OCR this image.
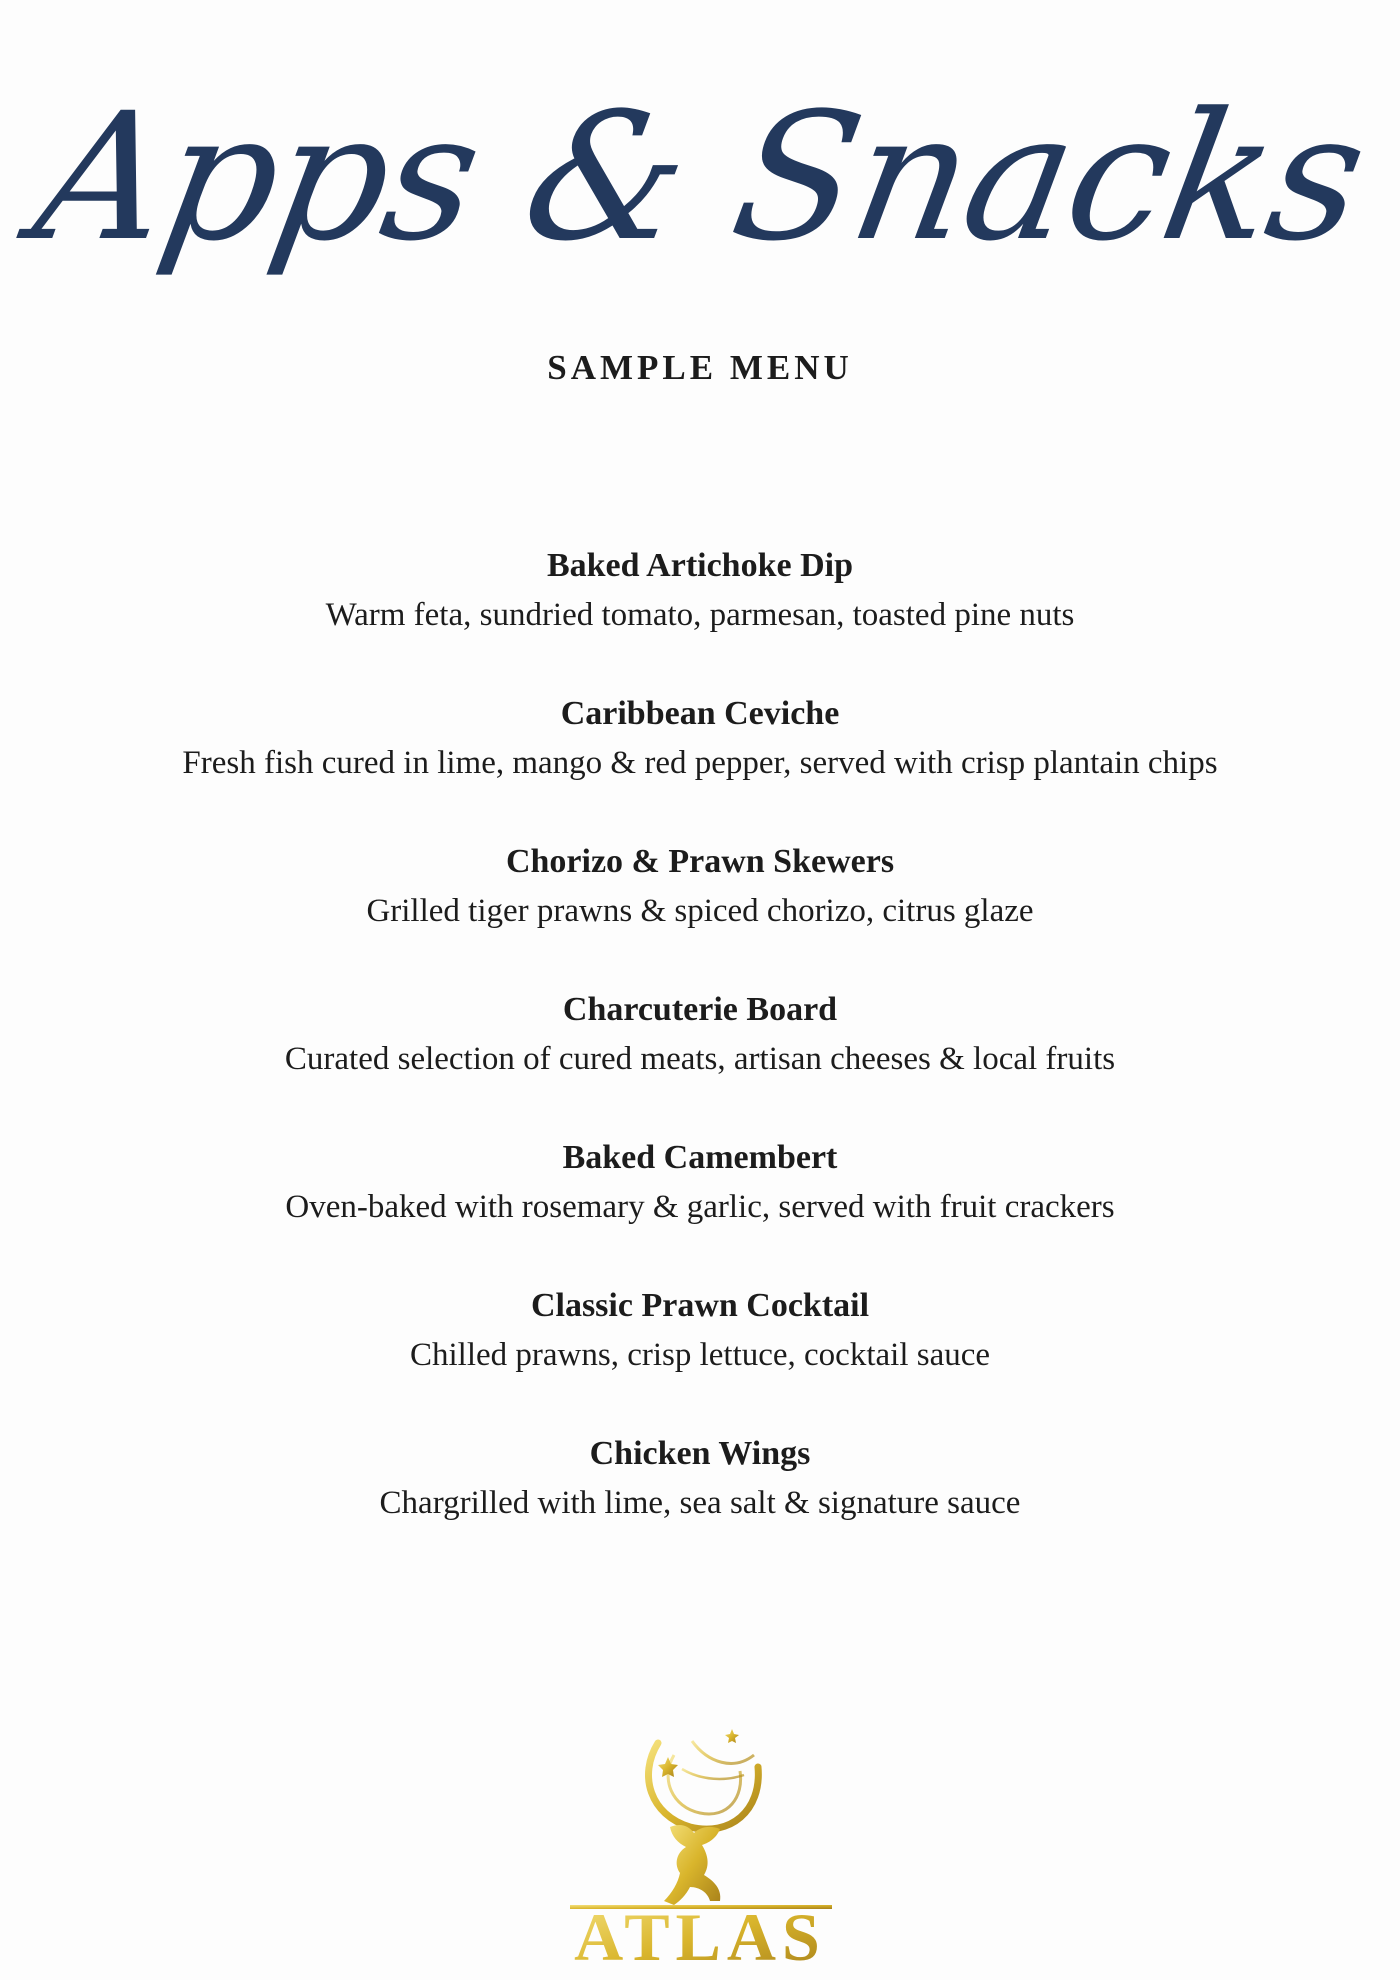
Apps & Snacks
SAMPLE MENU
Baked Artichoke Dip
Warm feta, sundried tomato, parmesan, toasted pine nuts
Caribbean Ceviche
Fresh fish cured in lime, mango & red pepper, served with crisp plantain chips
Chorizo & Prawn Skewers
Grilled tiger prawns & spiced chorizo, citrus glaze
Charcuterie Board
Curated selection of cured meats, artisan cheeses & local fruits
Baked Camembert
Oven-baked with rosemary & garlic, served with fruit crackers
Classic Prawn Cocktail
Chilled prawns, crisp lettuce, cocktail sauce
Chicken Wings
Chargrilled with lime, sea salt & signature sauce
ATLAS
